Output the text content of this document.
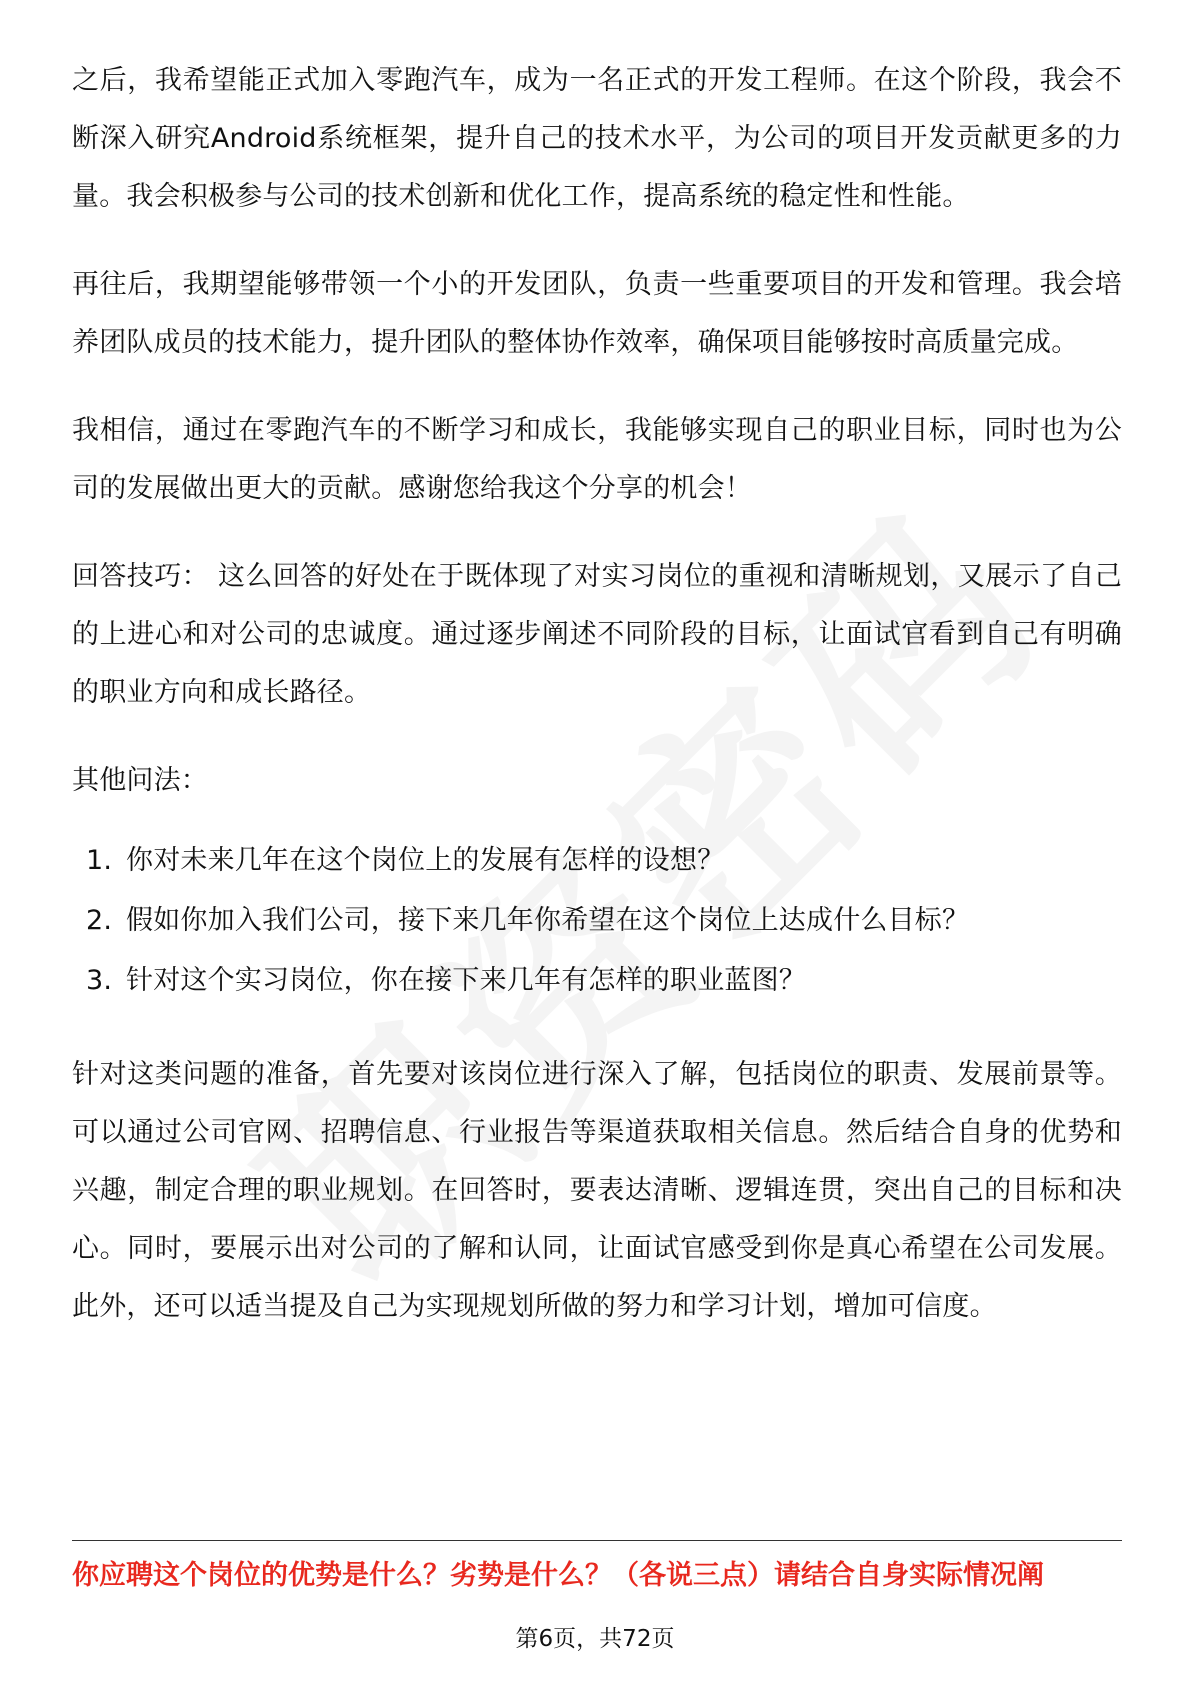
之后，我希望能正式加入零跑汽车，成为一名正式的开发工程师。在这个阶段，我会不断深入研究Android系统框架，提升自己的技术水平，为公司的项目开发贡献更多的力量。我会积极参与公司的技术创新和优化工作，提高系统的稳定性和性能。

再往后，我期望能够带领一个小的开发团队，负责一些重要项目的开发和管理。我会培养团队成员的技术能力，提升团队的整体协作效率，确保项目能够按时高质量完成。

我相信，通过在零跑汽车的不断学习和成长，我能够实现自己的职业目标，同时也为公司的发展做出更大的贡献。感谢您给我这个分享的机会！

回答技巧： 这么回答的好处在于既体现了对实习岗位的重视和清晰规划，又展示了自己的上进心和对公司的忠诚度。通过逐步阐述不同阶段的目标，让面试官看到自己有明确的职业方向和成长路径。

其他问法：

1. 你对未来几年在这个岗位上的发展有怎样的设想？
2. 假如你加入我们公司，接下来几年你希望在这个岗位上达成什么目标？
3. 针对这个实习岗位，你在接下来几年有怎样的职业蓝图？

针对这类问题的准备，首先要对该岗位进行深入了解，包括岗位的职责、发展前景等。可以通过公司官网、招聘信息、行业报告等渠道获取相关信息。然后结合自身的优势和兴趣，制定合理的职业规划。在回答时，要表达清晰、逻辑连贯，突出自己的目标和决心。同时，要展示出对公司的了解和认同，让面试官感受到你是真心希望在公司发展。此外，还可以适当提及自己为实现规划所做的努力和学习计划，增加可信度。

你应聘这个岗位的优势是什么？劣势是什么？（各说三点）请结合自身实际情况阐
第6页，共72页
